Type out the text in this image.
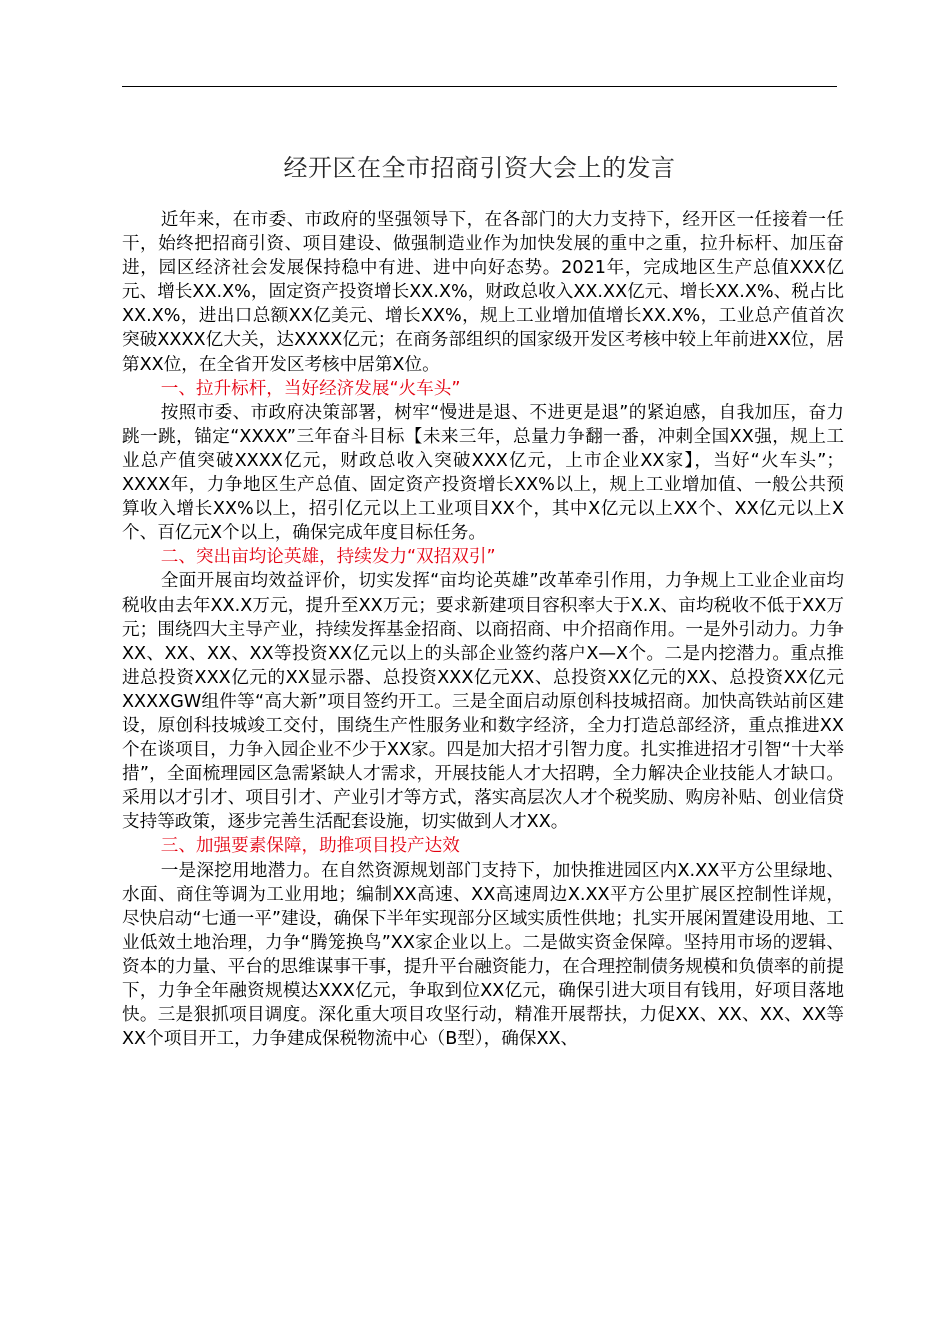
经开区在全市招商引资大会上的发言

近年来，在市委、市政府的坚强领导下，在各部门的大力支持下，经开区一任接着一任干，始终把招商引资、项目建设、做强制造业作为加快发展的重中之重，拉升标杆、加压奋进，园区经济社会发展保持稳中有进、进中向好态势。2021年，完成地区生产总值XXX亿元、增长XX.X%，固定资产投资增长XX.X%，财政总收入XX.XX亿元、增长XX.X%、税占比XX.X%，进出口总额XX亿美元、增长XX%，规上工业增加值增长XX.X%，工业总产值首次突破XXXX亿大关，达XXXX亿元；在商务部组织的国家级开发区考核中较上年前进XX位，居第XX位，在全省开发区考核中居第X位。

一、拉升标杆，当好经济发展“火车头”

按照市委、市政府决策部署，树牢“慢进是退、不进更是退”的紧迫感，自我加压，奋力跳一跳，锚定“XXXX”三年奋斗目标【未来三年，总量力争翻一番，冲刺全国XX强，规上工业总产值突破XXXX亿元，财政总收入突破XXX亿元，上市企业XX家】，当好“火车头”；XXXX年，力争地区生产总值、固定资产投资增长XX%以上，规上工业增加值、一般公共预算收入增长XX%以上，招引亿元以上工业项目XX个，其中X亿元以上XX个、XX亿元以上X个、百亿元X个以上，确保完成年度目标任务。

二、突出亩均论英雄，持续发力“双招双引”

全面开展亩均效益评价，切实发挥“亩均论英雄”改革牵引作用，力争规上工业企业亩均税收由去年XX.X万元，提升至XX万元；要求新建项目容积率大于X.X、亩均税收不低于XX万元；围绕四大主导产业，持续发挥基金招商、以商招商、中介招商作用。一是外引动力。力争XX、XX、XX、XX等投资XX亿元以上的头部企业签约落户X—X个。二是内挖潜力。重点推进总投资XXX亿元的XX显示器、总投资XXX亿元XX、总投资XX亿元的XX、总投资XX亿元XXXXGW组件等“高大新”项目签约开工。三是全面启动原创科技城招商。加快高铁站前区建设，原创科技城竣工交付，围绕生产性服务业和数字经济，全力打造总部经济，重点推进XX个在谈项目，力争入园企业不少于XX家。四是加大招才引智力度。扎实推进招才引智“十大举措”，全面梳理园区急需紧缺人才需求，开展技能人才大招聘，全力解决企业技能人才缺口。采用以才引才、项目引才、产业引才等方式，落实高层次人才个税奖励、购房补贴、创业信贷支持等政策，逐步完善生活配套设施，切实做到人才XX。

三、加强要素保障，助推项目投产达效

一是深挖用地潜力。在自然资源规划部门支持下，加快推进园区内X.XX平方公里绿地、水面、商住等调为工业用地；编制XX高速、XX高速周边X.XX平方公里扩展区控制性详规，尽快启动“七通一平”建设，确保下半年实现部分区域实质性供地；扎实开展闲置建设用地、工业低效土地治理，力争“腾笼换鸟”XX家企业以上。二是做实资金保障。坚持用市场的逻辑、资本的力量、平台的思维谋事干事，提升平台融资能力，在合理控制债务规模和负债率的前提下，力争全年融资规模达XXX亿元，争取到位XX亿元，确保引进大项目有钱用，好项目落地快。三是狠抓项目调度。深化重大项目攻坚行动，精准开展帮扶，力促XX、XX、XX、XX等XX个项目开工，力争建成保税物流中心（B型），确保XX、
